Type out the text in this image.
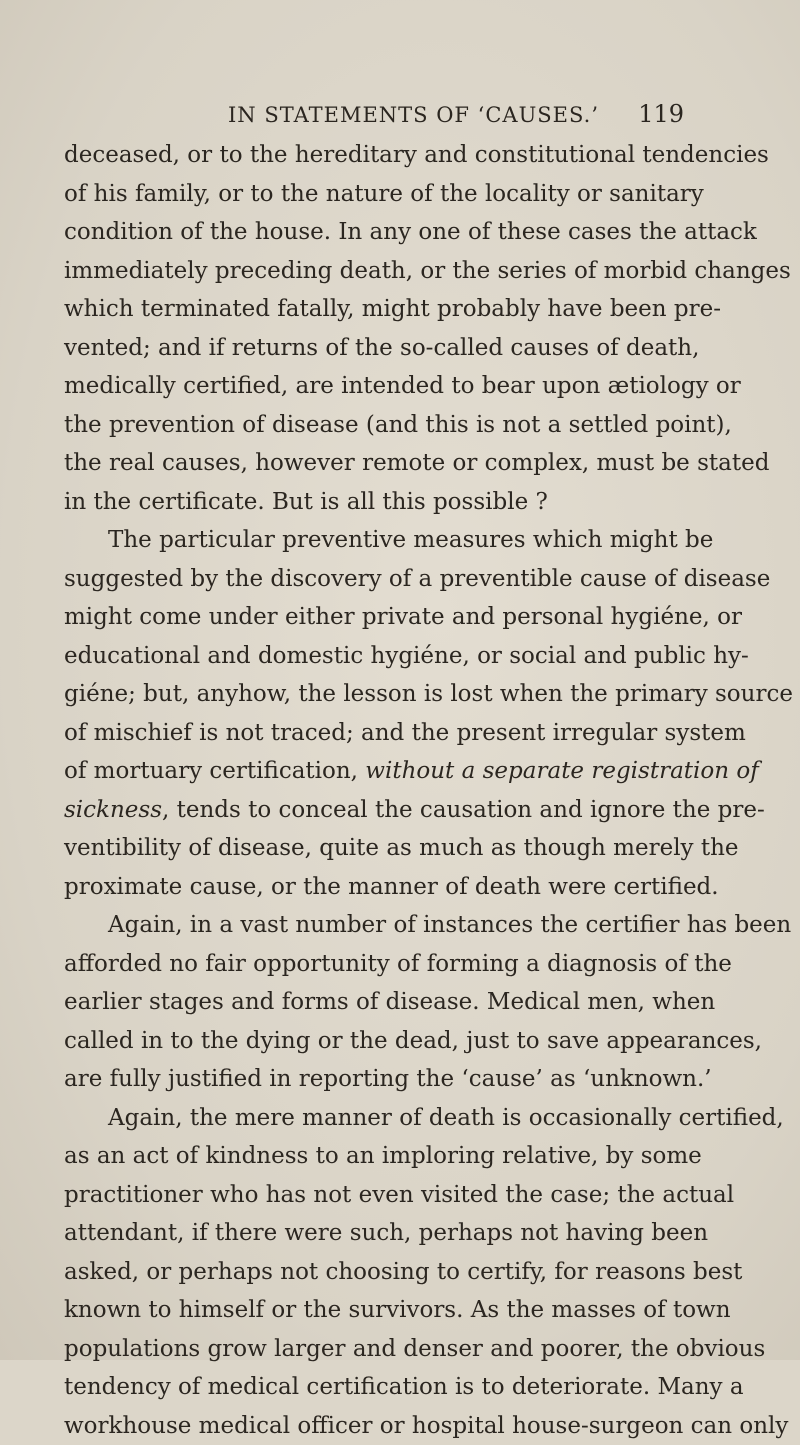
IN STATEMENTS OF ‘CAUSES.’ 119
deceased, or to the hereditary and constitutional tendencies
of his family, or to the nature of the locality or sanitary
condition of the house. In any one of these cases the attack
immediately preceding death, or the series of morbid changes
which terminated fatally, might probably have been pre-
vented; and if returns of the so-called causes of death,
medically certified, are intended to bear upon ætiology or
the prevention of disease (and this is not a settled point),
the real causes, however remote or complex, must be stated
in the certificate. But is all this possible ?
The particular preventive measures which might be
suggested by the discovery of a preventible cause of disease
might come under either private and personal hygiéne, or
educational and domestic hygiéne, or social and public hy-
giéne; but, anyhow, the lesson is lost when the primary source
of mischief is not traced; and the present irregular system
of mortuary certification, without a separate registration of
sickness, tends to conceal the causation and ignore the pre-
ventibility of disease, quite as much as though merely the
proximate cause, or the manner of death were certified.
Again, in a vast number of instances the certifier has been
afforded no fair opportunity of forming a diagnosis of the
earlier stages and forms of disease. Medical men, when
called in to the dying or the dead, just to save appearances,
are fully justified in reporting the ‘cause’ as ‘unknown.’
Again, the mere manner of death is occasionally certified,
as an act of kindness to an imploring relative, by some
practitioner who has not even visited the case; the actual
attendant, if there were such, perhaps not having been
asked, or perhaps not choosing to certify, for reasons best
known to himself or the survivors. As the masses of town
populations grow larger and denser and poorer, the obvious
tendency of medical certification is to deteriorate. Many a
workhouse medical officer or hospital house-surgeon can only
